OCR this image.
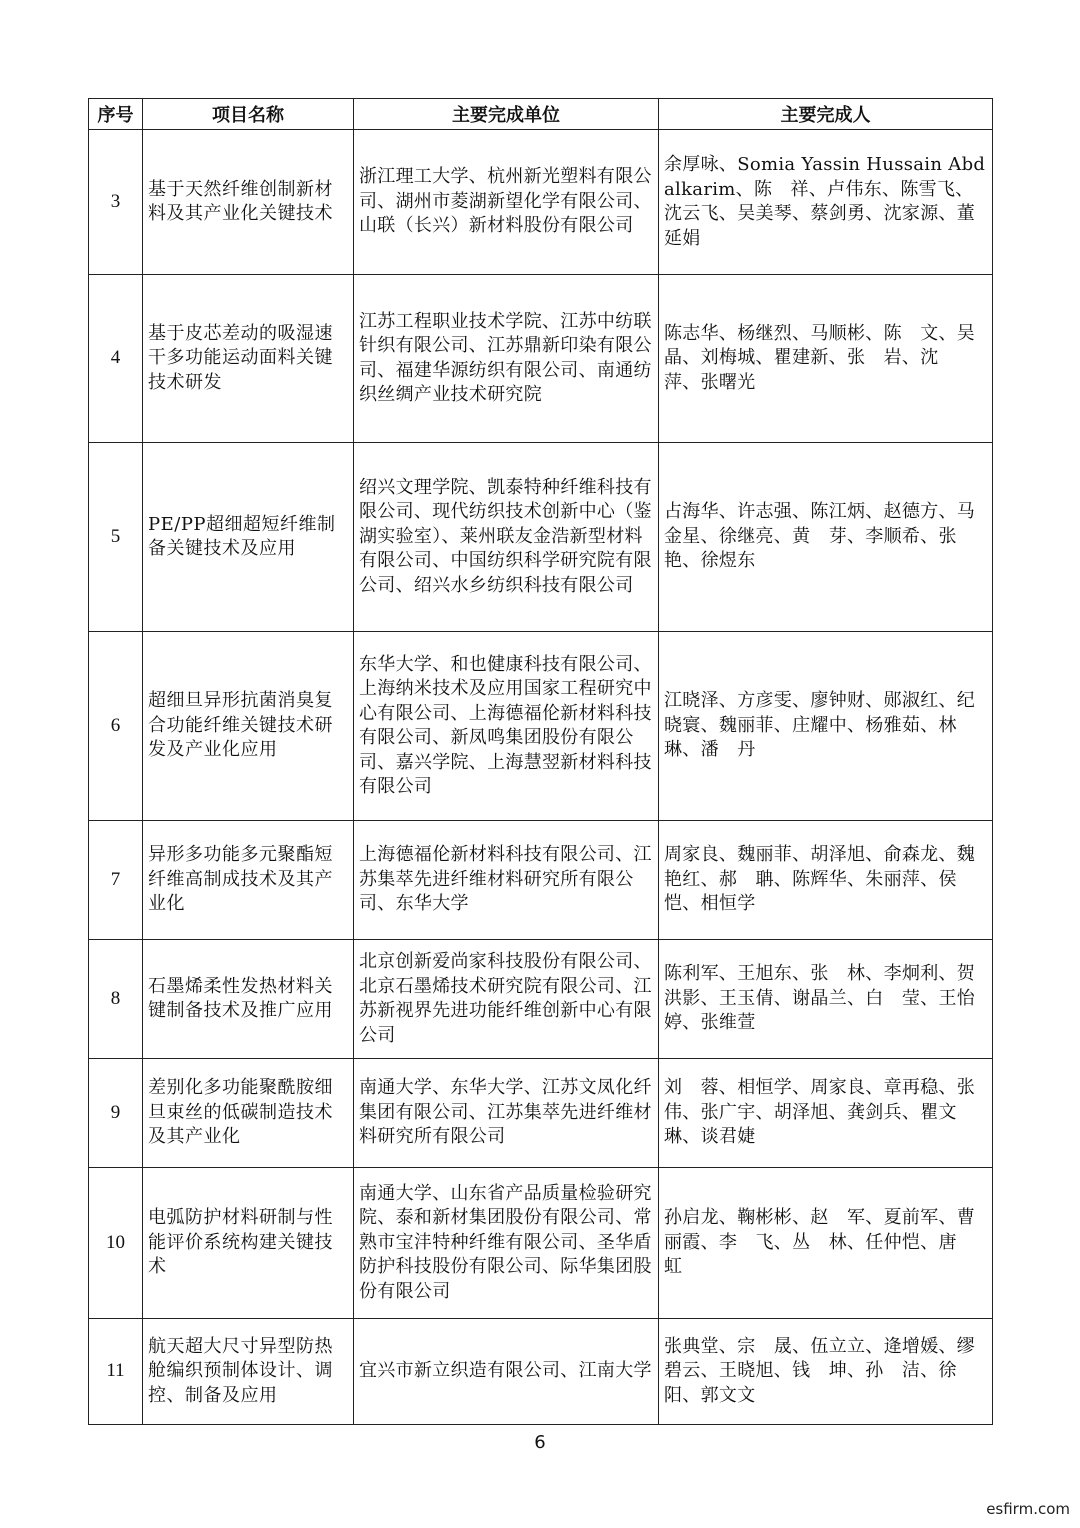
序号	项目名称	主要完成单位	主要完成人
3	基于天然纤维创制新材料及其产业化关键技术	浙江理工大学、杭州新光塑料有限公司、湖州市菱湖新望化学有限公司、山联（长兴）新材料股份有限公司	余厚咏、Somia Yassin Hussain Abdalkarim、陈　祥、卢伟东、陈雪飞、沈云飞、吴美琴、蔡剑勇、沈家源、董延娟
4	基于皮芯差动的吸湿速干多功能运动面料关键技术研发	江苏工程职业技术学院、江苏中纺联针织有限公司、江苏鼎新印染有限公司、福建华源纺织有限公司、南通纺织丝绸产业技术研究院	陈志华、杨继烈、马顺彬、陈　文、吴　晶、刘梅城、瞿建新、张　岩、沈　萍、张曙光
5	PE/PP超细超短纤维制备关键技术及应用	绍兴文理学院、凯泰特种纤维科技有限公司、现代纺织技术创新中心（鉴湖实验室）、莱州联友金浩新型材料有限公司、中国纺织科学研究院有限公司、绍兴水乡纺织科技有限公司	占海华、许志强、陈江炳、赵德方、马金星、徐继亮、黄　芽、李顺希、张　艳、徐煜东
6	超细旦异形抗菌消臭复合功能纤维关键技术研发及产业化应用	东华大学、和也健康科技有限公司、上海纳米技术及应用国家工程研究中心有限公司、上海德福伦新材料科技有限公司、新凤鸣集团股份有限公司、嘉兴学院、上海慧翌新材料科技有限公司	江晓泽、方彦雯、廖钟财、郧淑红、纪晓寰、魏丽菲、庄耀中、杨雅茹、林　琳、潘　丹
7	异形多功能多元聚酯短纤维高制成技术及其产业化	上海德福伦新材料科技有限公司、江苏集萃先进纤维材料研究所有限公司、东华大学	周家良、魏丽菲、胡泽旭、俞森龙、魏艳红、郝　聃、陈辉华、朱丽萍、侯　恺、相恒学
8	石墨烯柔性发热材料关键制备技术及推广应用	北京创新爱尚家科技股份有限公司、北京石墨烯技术研究院有限公司、江苏新视界先进功能纤维创新中心有限公司	陈利军、王旭东、张　林、李炯利、贺洪影、王玉倩、谢晶兰、白　莹、王怡婷、张维萱
9	差别化多功能聚酰胺细旦束丝的低碳制造技术及其产业化	南通大学、东华大学、江苏文凤化纤集团有限公司、江苏集萃先进纤维材料研究所有限公司	刘　蓉、相恒学、周家良、章再稳、张　伟、张广宇、胡泽旭、龚剑兵、瞿文琳、谈君婕
10	电弧防护材料研制与性能评价系统构建关键技术	南通大学、山东省产品质量检验研究院、泰和新材集团股份有限公司、常熟市宝沣特种纤维有限公司、圣华盾防护科技股份有限公司、际华集团股份有限公司	孙启龙、鞠彬彬、赵　军、夏前军、曹丽霞、李　飞、丛　林、任仲恺、唐　虹
11	航天超大尺寸异型防热舱编织预制体设计、调控、制备及应用	宜兴市新立织造有限公司、江南大学	张典堂、宗　晟、伍立立、逄增媛、缪碧云、王晓旭、钱　坤、孙　洁、徐　阳、郭文文
6
esfirm.com
